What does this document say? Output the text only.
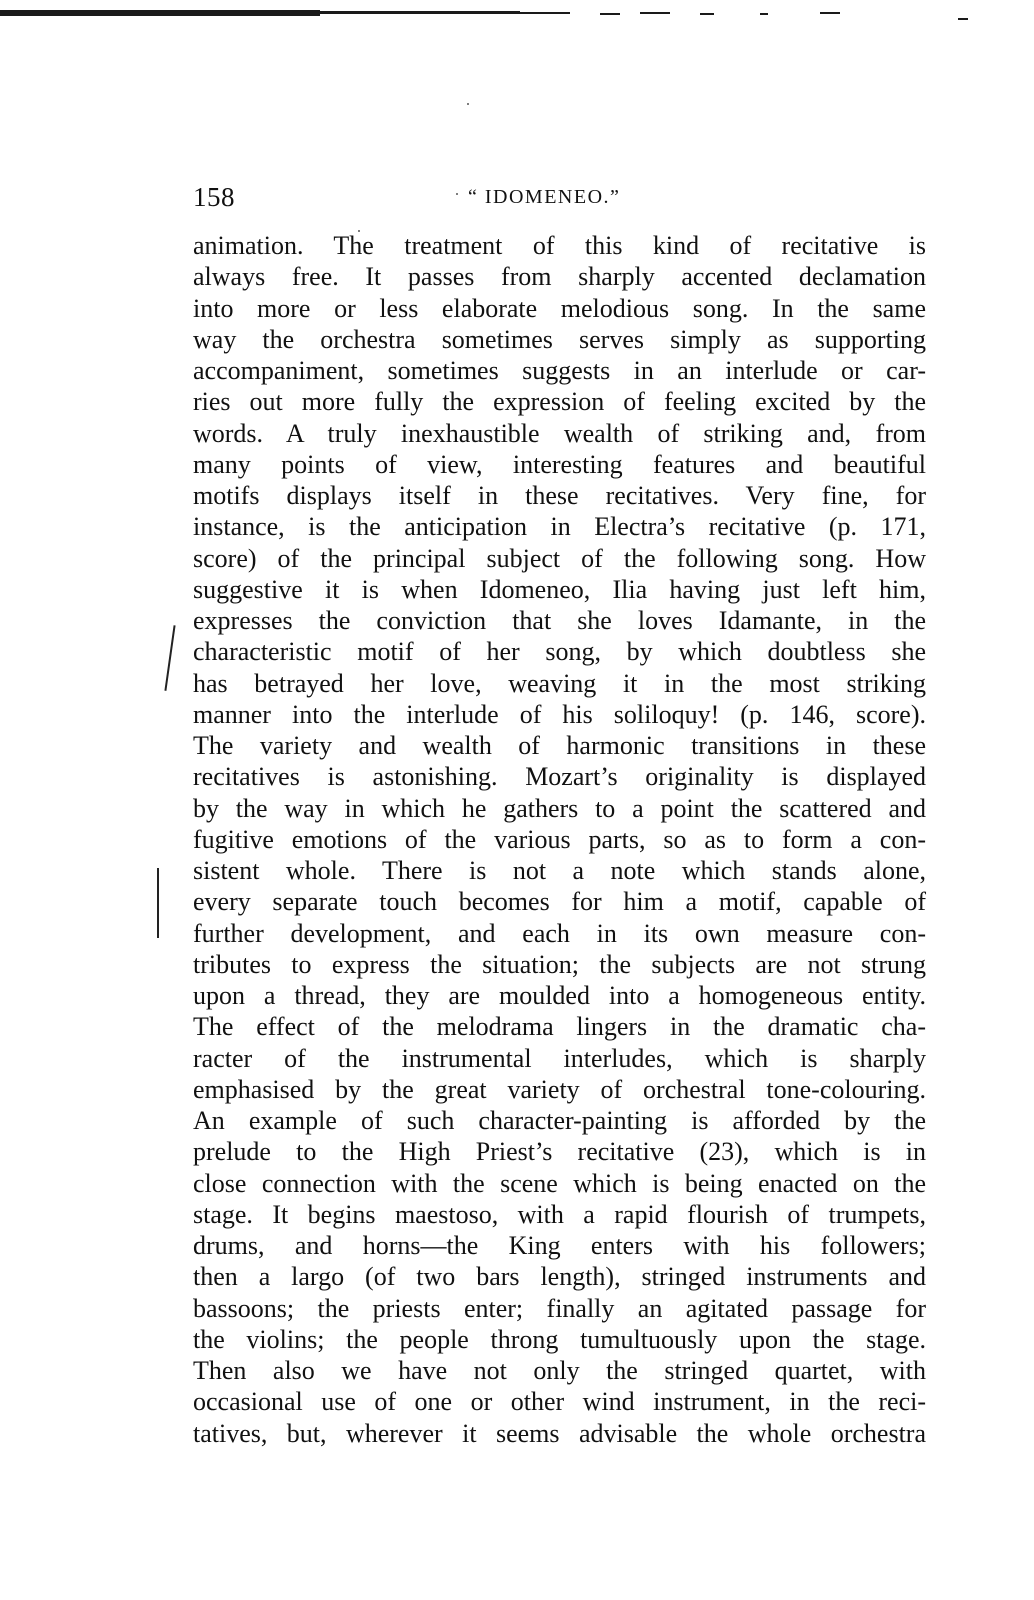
158	“ IDOMENEO.”
animation. The treatment of this kind of recitative is
always free. It passes from sharply accented declamation
into more or less elaborate melodious song. In the same
way the orchestra sometimes serves simply as supporting
accompaniment, sometimes suggests in an interlude or car-
ries out more fully the expression of feeling excited by the
words. A truly inexhaustible wealth of striking and, from
many points of view, interesting features and beautiful
motifs displays itself in these recitatives. Very fine, for
instance, is the anticipation in Electra’s recitative (p. 171,
score) of the principal subject of the following song. How
suggestive it is when Idomeneo, Ilia having just left him,
expresses the conviction that she loves Idamante, in the
characteristic motif of her song, by which doubtless she
has betrayed her love, weaving it in the most striking
manner into the interlude of his soliloquy! (p. 146, score).
The variety and wealth of harmonic transitions in these
recitatives is astonishing. Mozart’s originality is displayed
by the way in which he gathers to a point the scattered and
fugitive emotions of the various parts, so as to form a con-
sistent whole. There is not a note which stands alone,
every separate touch becomes for him a motif, capable of
further development, and each in its own measure con-
tributes to express the situation; the subjects are not strung
upon a thread, they are moulded into a homogeneous entity.
The effect of the melodrama lingers in the dramatic cha-
racter of the instrumental interludes, which is sharply
emphasised by the great variety of orchestral tone-colouring.
An example of such character-painting is afforded by the
prelude to the High Priest’s recitative (23), which is in
close connection with the scene which is being enacted on the
stage. It begins maestoso, with a rapid flourish of trumpets,
drums, and horns—the King enters with his followers;
then a largo (of two bars length), stringed instruments and
bassoons; the priests enter; finally an agitated passage for
the violins; the people throng tumultuously upon the stage.
Then also we have not only the stringed quartet, with
occasional use of one or other wind instrument, in the reci-
tatives, but, wherever it seems advisable the whole orchestra
